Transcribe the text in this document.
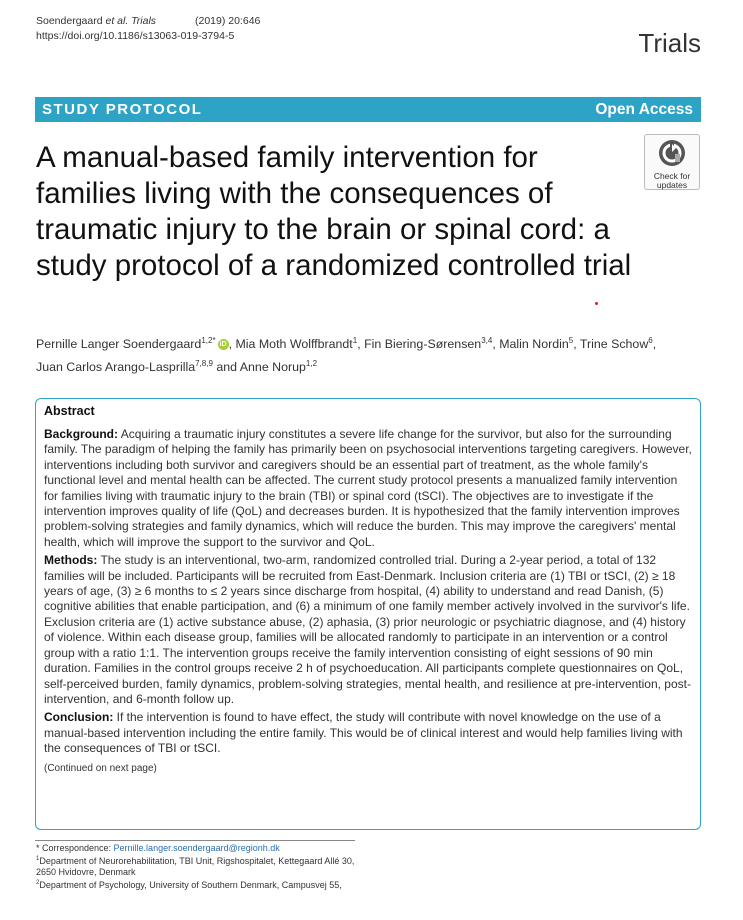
Soendergaard et al. Trials	(2019) 20:646
https://doi.org/10.1186/s13063-019-3794-5	Trials
STUDY PROTOCOL	Open Access
A manual-based family intervention for families living with the consequences of traumatic injury to the brain or spinal cord: a study protocol of a randomized controlled trial
Check for
updates
Pernille Langer Soendergaard$^{1,2*}$ iD , Mia Moth Wolffbrandt$^1$, Fin Biering-Sørensen$^{3,4}$, Malin Nordin$^5$, Trine Schow$^6$,
Juan Carlos Arango-Lasprilla$^{7,8,9}$ and Anne Norup$^{1,2}$
Abstract

Background: Acquiring a traumatic injury constitutes a severe life change for the survivor, but also for the surrounding family. The paradigm of helping the family has primarily been on psychosocial interventions targeting caregivers. However, interventions including both survivor and caregivers should be an essential part of treatment, as the whole family's functional level and mental health can be affected. The current study protocol presents a manualized family intervention for families living with traumatic injury to the brain (TBI) or spinal cord (tSCI). The objectives are to investigate if the intervention improves quality of life (QoL) and decreases burden. It is hypothesized that the family intervention improves problem-solving strategies and family dynamics, which will reduce the burden. This may improve the caregivers' mental health, which will improve the support to the survivor and QoL.

Methods: The study is an interventional, two-arm, randomized controlled trial. During a 2-year period, a total of 132 families will be included. Participants will be recruited from East-Denmark. Inclusion criteria are (1) TBI or tSCI, (2) ≥ 18 years of age, (3) ≥ 6 months to ≤ 2 years since discharge from hospital, (4) ability to understand and read Danish, (5) cognitive abilities that enable participation, and (6) a minimum of one family member actively involved in the survivor's life. Exclusion criteria are (1) active substance abuse, (2) aphasia, (3) prior neurologic or psychiatric diagnose, and (4) history of violence. Within each disease group, families will be allocated randomly to participate in an intervention or a control group with a ratio 1:1. The intervention groups receive the family intervention consisting of eight sessions of 90 min duration. Families in the control groups receive 2 h of psychoeducation. All participants complete questionnaires on QoL, self-perceived burden, family dynamics, problem-solving strategies, mental health, and resilience at pre-intervention, post-intervention, and 6-month follow up.

Conclusion: If the intervention is found to have effect, the study will contribute with novel knowledge on the use of a manual-based intervention including the entire family. This would be of clinical interest and would help families living with the consequences of TBI or tSCI.

(Continued on next page)
* Correspondence: Pernille.langer.soendergaard@regionh.dk
$^1$Department of Neurorehabilitation, TBI Unit, Rigshospitalet, Kettegaard Allé 30, 2650 Hvidovre, Denmark
$^2$Department of Psychology, University of Southern Denmark, Campusvej 55,
